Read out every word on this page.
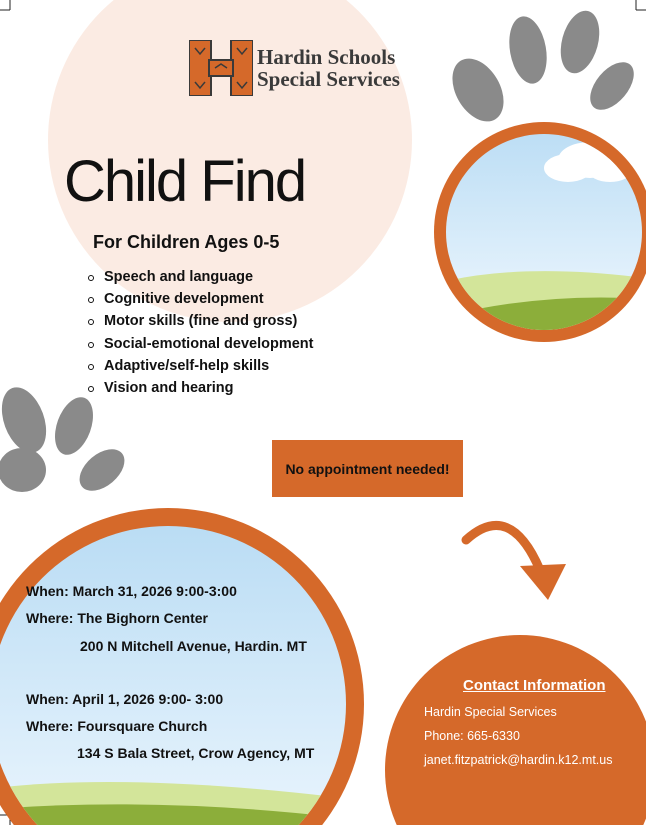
Hardin Schools
Special Services
Child Find
For Children Ages 0-5
Speech and language
Cognitive development
Motor skills (fine and gross)
Social-emotional development
Adaptive/self-help skills
Vision and hearing
No appointment needed!
When: March 31, 2026 9:00-3:00
Where: The Bighorn Center
200 N Mitchell Avenue, Hardin. MT
When: April 1, 2026 9:00- 3:00
Where: Foursquare Church
134 S Bala Street, Crow Agency, MT
Contact Information
Hardin Special Services
Phone: 665-6330
janet.fitzpatrick@hardin.k12.mt.us
